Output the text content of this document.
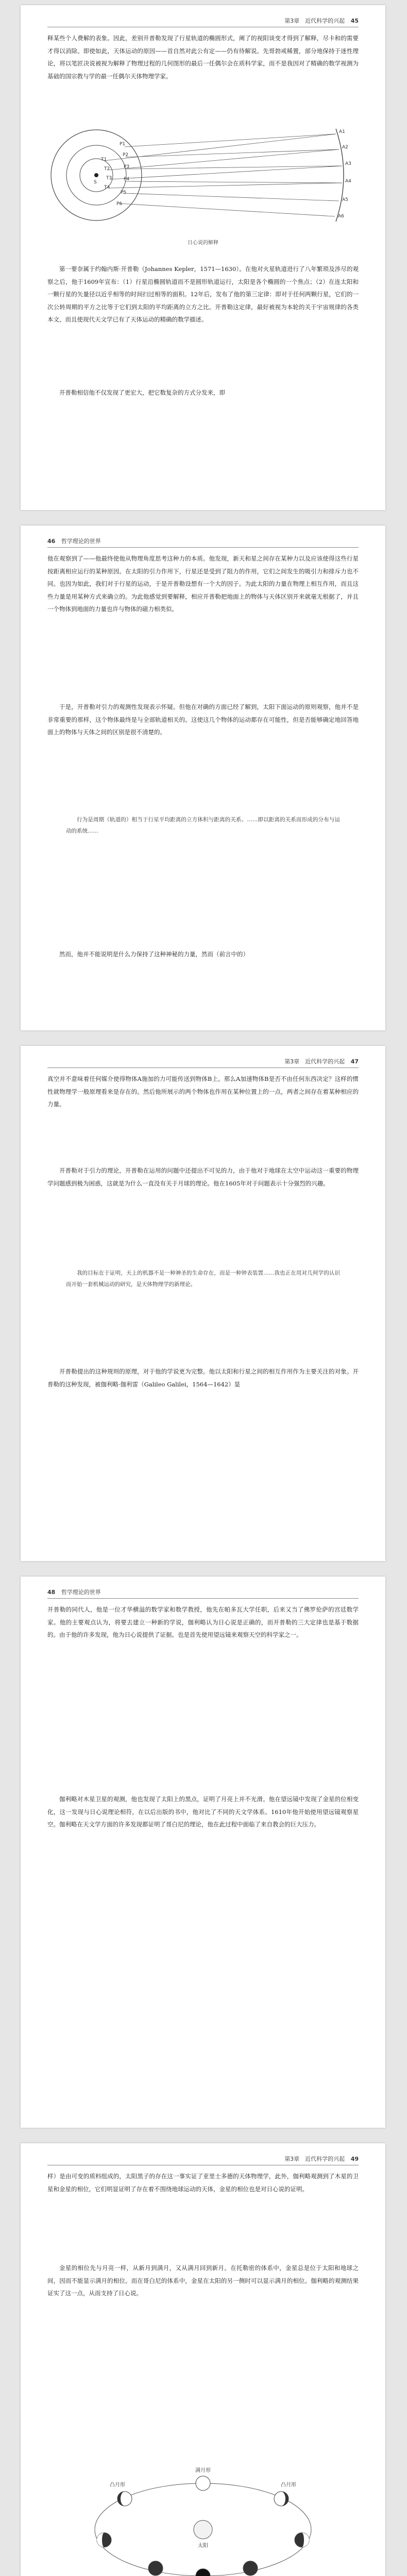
第3章　近代科学的兴起 45

释某些个人费解的表象。因此，差别开普勒发现了行星轨道的椭圆形式，阐了的视阳谈变才得到了解释，尽卡和的需要才得以消除。即使如此，天体运动的原因——首自然对此公有定——仍有待解说。先哥勃戒稀置，部分地保持于迷性理论，将以笔匠决说被视为解释了物理过程的几何图形的最后一任偶尔会在质科学家，而不是我因对了精确的数学视测为基础的国宗教与学的最一任偶尔天体物理学家。

P1
P2
P3
P4
P5
P6
T1
T2
T3
T4
S
A1
A2
A3
A4
A5
A6
日心说的解释

第一要奈属于约翰内斯·开普勒（Johannes Kepler，1571—1630）。在他对火星轨道进行了八年繁琐及涉尽的观察之后，他于1609年宣布：（1）行星沿椭圆轨道而不是圆形轨道运行，太阳是各个椭圆的一个焦点；（2）在连太阳和一颗行星的矢量径以近乎相等的时间扫过相等的面积。12年后，发布了他的第三定律：即对于任何两颗行星，它们的一次公转周期的平方之比等于它们到太阳的平均距离的立方之比。开普勒这定律，最好被视为本轮的关于宇宙规律的各类本文，而且使现代天文学已有了天体运动的精确的数学描述。

开普勒相信他不仅发现了更宏大，把它数复杂的方式分发来，即

46 哲学理论的世界

他在观察到了——他最终使他从物理角度思考这种力的本质。他发现，新天和星之间存在某种力以及应该使得这些行星按距离相应运行的某种原因。在太阳的引力作用下，行星还是受到了阻力的作用，它们之间发生的吸引力和排斥力也不同。也因为如此，我们对于行星的运动，于是开普勒设想有一个大的因子。为此太阳的力量在物理上相互作用，而且这些力量是用某种方式来确立的。为此他感觉到要解释，相应开普勒把地面上的物体与天体区别开来就毫无根据了，并且一个物体到地面的力量也许与物体的磁力相类似。

于是，开普勒对引力的观测性发现表示怀疑。但他在对确的方面已经了解到，太阳下面运动的原则观察，他并不是非常重要的那样，这个物体最终是与全部轨道相关的。这使这几个物体的运动都存在可能性，但是否能够确定地回答地面上的物体与天体之间的区别是很不清楚的。

行为是周期（轨道的）相当于行星平均距离的立方体积与距离的关系。……即以距离的关系而形成的分布与运动的系统……

然而，他并不能说明是什么力保持了这种神秘的力量，然而（前言中的）

第3章　近代科学的兴起 47

真空并不意味着任何媒介使得物体A施加的力可能传送到物体B上。那么A加速物体B是否不由任何东西决定？这样的惯性就物理学一般原理看来是存在的。然后他所展示的两个物体也作用在某种位置上的一点，两者之间存在着某种相应的力量。

开普勒对于引力的理论，开普勒在运用的问题中还提出不可见的力，由于他对于地球在太空中运动这一重要的物理学问题感到极为困惑，这就是为什么一直没有关于月球的理论。他在1605年对于问题表示十分强烈的兴趣。

我的目标在于证明，天上的机器不是一种神圣的生命存在，而是一种钟表装置……我也正在用对几何学的认识而开始一套机械运动的研究，是天体物理学的新理论。

开普勒提出的这种规则的原理，对于他的学说更为完整。他以太阳和行星之间的相互作用作为主要关注的对象。开普勒的这种发现，被伽利略·伽利雷（Galileo Galilei，1564—1642）显

48 哲学理论的世界

开普勒的同代人，他是一位才华横溢的数学家和数学教授，他先在帕多瓦大学任职，后来又当了佛罗伦萨的宫廷数学家。他的主要观点认为，将要去建立一种新的学说，伽利略认为日心说是正确的，而开普勒的三大定律也是基于数据的。由于他的许多发现，他为日心说提供了证据。也是首先使用望远镜来观察天空的科学家之一。

伽利略对木星卫星的观测，他也发现了太阳上的黑点，证明了月亮上并不光滑。他在望远镜中发现了金星的位相变化，这一发现与日心说理论相符，在以后出版的书中，他对比了不同的天文学体系。1610年他开始使用望远镜观察星空。伽利略在天文学方面的许多发现都证明了哥白尼的理论，他在此过程中面临了来自教会的巨大压力。

第3章　近代科学的兴起 49

样）是由可变的质料组成的，太阳黑子的存在这一事实证了亚里士多德的天体物理学，此外，伽利略观测到了木星的卫星和金星的相位，它们明显证明了存在着不围绕地球运动的天体，金星的相位也是对日心说的证明。

金星的相位先与月亮一样，从新月到满月，又从满月回到新月。在托勒密的体系中，金星总是位于太阳和地球之间，因而不能显示满月的相位。而在哥白尼的体系中，金星在太阳的另一侧时可以显示满月的相位。伽利略的观测结果证实了这一点，从而支持了日心说。

满月形
凸月形	凸月形
太阳
